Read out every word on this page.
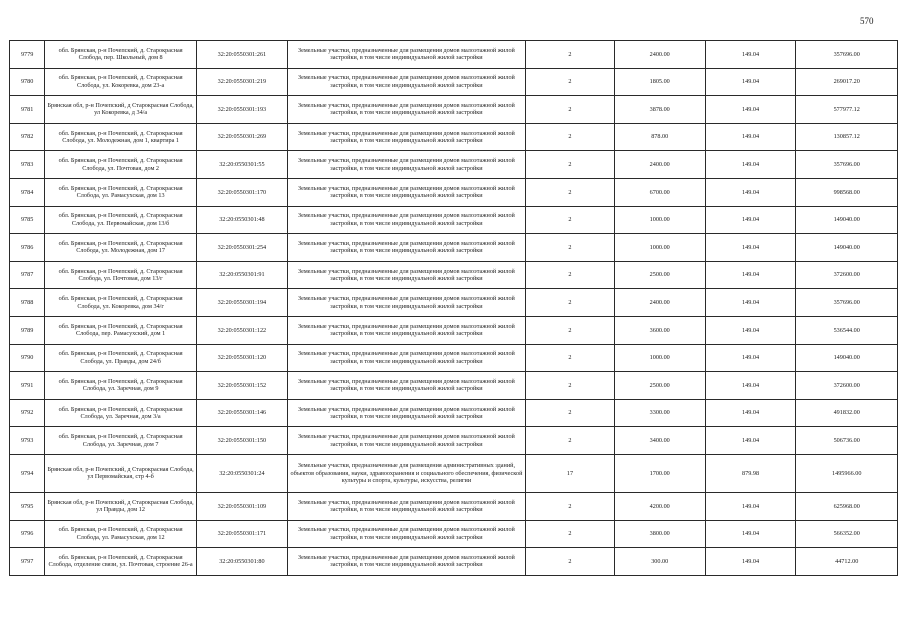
570
9779	обл. Брянская, р-н Почепский, д. Старокрасная Слобода, пер. Школьный, дом 8	32:20:0550301:261	Земельные участки, предназначенные для размещения домов малоэтажной жилой застройки, в том числе индивидуальной жилой застройки	2	2400.00	149.04	357696.00
9780	обл. Брянская, р-н Почепский, д. Старокрасная Слобода, ул. Кокоревка, дом 23-а	32:20:0550301:219	Земельные участки, предназначенные для размещения домов малоэтажной жилой застройки, в том числе индивидуальной жилой застройки	2	1805.00	149.04	269017.20
9781	Брянская обл, р-н Почепский, д Старокрасная Слобода, ул Кокоревка, д 34/а	32:20:0550301:193	Земельные участки, предназначенные для размещения домов малоэтажной жилой застройки, в том числе индивидуальной жилой застройки	2	3878.00	149.04	577977.12
9782	обл. Брянская, р-н Почепский, д. Старокрасная Слобода, ул. Молодежная, дом 1, квартира 1	32:20:0550301:269	Земельные участки, предназначенные для размещения домов малоэтажной жилой застройки, в том числе индивидуальной жилой застройки	2	878.00	149.04	130857.12
9783	обл. Брянская, р-н Почепский, д. Старокрасная Слобода, ул. Почтовая, дом 2	32:20:0550301:55	Земельные участки, предназначенные для размещения домов малоэтажной жилой застройки, в том числе индивидуальной жилой застройки	2	2400.00	149.04	357696.00
9784	обл. Брянская, р-н Почепский, д. Старокрасная Слобода, ул. Рамасухская, дом 13	32:20:0550301:170	Земельные участки, предназначенные для размещения домов малоэтажной жилой застройки, в том числе индивидуальной жилой застройки	2	6700.00	149.04	998568.00
9785	обл. Брянская, р-н Почепский, д. Старокрасная Слобода, ул. Первомайская, дом 13/б	32:20:0550301:48	Земельные участки, предназначенные для размещения домов малоэтажной жилой застройки, в том числе индивидуальной жилой застройки	2	1000.00	149.04	149040.00
9786	обл. Брянская, р-н Почепский, д. Старокрасная Слобода, ул. Молодежная, дом 17	32:20:0550301:254	Земельные участки, предназначенные для размещения домов малоэтажной жилой застройки, в том числе индивидуальной жилой застройки	2	1000.00	149.04	149040.00
9787	обл. Брянская, р-н Почепский, д. Старокрасная Слобода, ул. Почтовая, дом 13/г	32:20:0550301:91	Земельные участки, предназначенные для размещения домов малоэтажной жилой застройки, в том числе индивидуальной жилой застройки	2	2500.00	149.04	372600.00
9788	обл. Брянская, р-н Почепский, д. Старокрасная Слобода, ул. Кокоревка, дом 34/г	32:20:0550301:194	Земельные участки, предназначенные для размещения домов малоэтажной жилой застройки, в том числе индивидуальной жилой застройки	2	2400.00	149.04	357696.00
9789	обл. Брянская, р-н Почепский, д. Старокрасная Слобода, пер. Рамасухский, дом 1	32:20:0550301:122	Земельные участки, предназначенные для размещения домов малоэтажной жилой застройки, в том числе индивидуальной жилой застройки	2	3600.00	149.04	536544.00
9790	обл. Брянская, р-н Почепский, д. Старокрасная Слобода, ул. Правды, дом 24/б	32:20:0550301:120	Земельные участки, предназначенные для размещения домов малоэтажной жилой застройки, в том числе индивидуальной жилой застройки	2	1000.00	149.04	149040.00
9791	обл. Брянская, р-н Почепский, д. Старокрасная Слобода, ул. Заречная, дом 9	32:20:0550301:152	Земельные участки, предназначенные для размещения домов малоэтажной жилой застройки, в том числе индивидуальной жилой застройки	2	2500.00	149.04	372600.00
9792	обл. Брянская, р-н Почепский, д. Старокрасная Слобода, ул. Заречная, дом 3/а	32:20:0550301:146	Земельные участки, предназначенные для размещения домов малоэтажной жилой застройки, в том числе индивидуальной жилой застройки	2	3300.00	149.04	491832.00
9793	обл. Брянская, р-н Почепский, д. Старокрасная Слобода, ул. Заречная, дом 7	32:20:0550301:150	Земельные участки, предназначенные для размещения домов малоэтажной жилой застройки, в том числе индивидуальной жилой застройки	2	3400.00	149.04	506736.00
9794	Брянская обл, р-н Почепский, д Старокрасная Слобода, ул Первомайская, стр 4-б	32:20:0550301:24	Земельные участки, предназначенные для размещения административных зданий, объектов образования, науки, здравоохранения и социального обеспечения, физической культуры и спорта, культуры, искусства, религии	17	1700.00	879.98	1495966.00
9795	Брянская обл, р-н Почепский, д Старокрасная Слобода, ул Правды, дом 12	32:20:0550301:109	Земельные участки, предназначенные для размещения домов малоэтажной жилой застройки, в том числе индивидуальной жилой застройки	2	4200.00	149.04	625968.00
9796	обл. Брянская, р-н Почепский, д. Старокрасная Слобода, ул. Рамасухская, дом 12	32:20:0550301:171	Земельные участки, предназначенные для размещения домов малоэтажной жилой застройки, в том числе индивидуальной жилой застройки	2	3800.00	149.04	566352.00
9797	обл. Брянская, р-н Почепский, д. Старокрасная Слобода, отделение связи, ул. Почтовая, строение 26-а	32:20:0550301:80	Земельные участки, предназначенные для размещения домов малоэтажной жилой застройки, в том числе индивидуальной жилой застройки	2	300.00	149.04	44712.00
